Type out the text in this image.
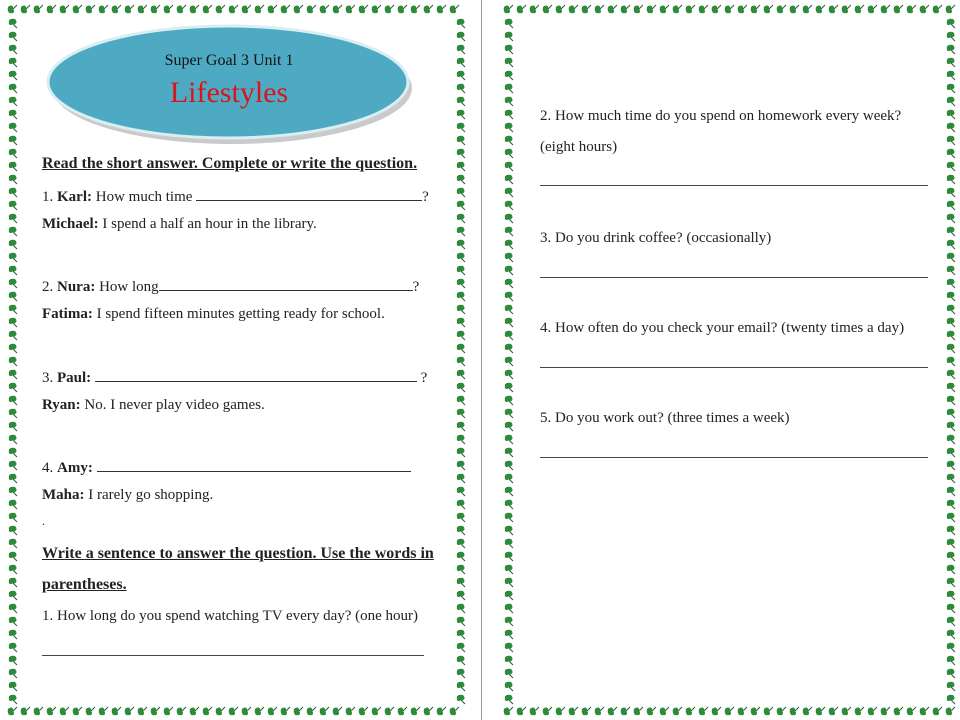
Super Goal 3 Unit 1
Lifestyles
Read the short answer. Complete or write the question.
1. Karl: How much time	?
Michael: I spend a half an hour in the library.
2. Nura: How long	?
Fatima: I spend fifteen minutes getting ready for school.
3. Paul:	?
Ryan: No. I never play video games.
4. Amy:
Maha: I rarely go shopping.
.
Write a sentence to answer the question. Use the words in
parentheses.
1. How long do you spend watching TV every day? (one hour)
2. How much time do you spend on homework every week?
(eight hours)
3. Do you drink coffee? (occasionally)
4. How often do you check your email? (twenty times a day)
5. Do you work out? (three times a week)
